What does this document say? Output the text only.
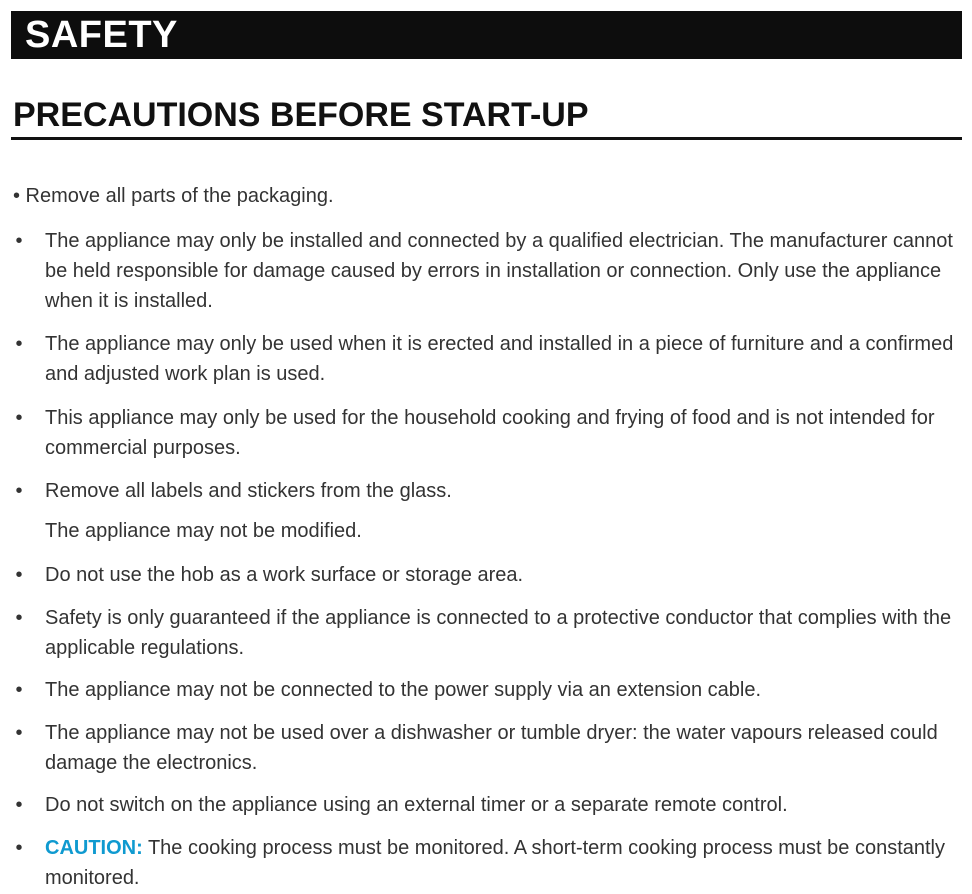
SAFETY
PRECAUTIONS BEFORE START-UP
• Remove all parts of the packaging.
• The appliance may only be installed and connected by a qualified electrician. The manufacturer cannot be held responsible for damage caused by errors in installation or connection. Only use the appliance when it is installed.
• The appliance may only be used when it is erected and installed in a piece of furniture and a confirmed and adjusted work plan is used.
• This appliance may only be used for the household cooking and frying of food and is not intended for commercial purposes.
• Remove all labels and stickers from the glass.
The appliance may not be modified.
• Do not use the hob as a work surface or storage area.
• Safety is only guaranteed if the appliance is connected to a protective conductor that complies with the applicable regulations.
• The appliance may not be connected to the power supply via an extension cable.
• The appliance may not be used over a dishwasher or tumble dryer: the water vapours released could damage the electronics.
• Do not switch on the appliance using an external timer or a separate remote control.
• CAUTION: The cooking process must be monitored. A short-term cooking process must be constantly monitored.
